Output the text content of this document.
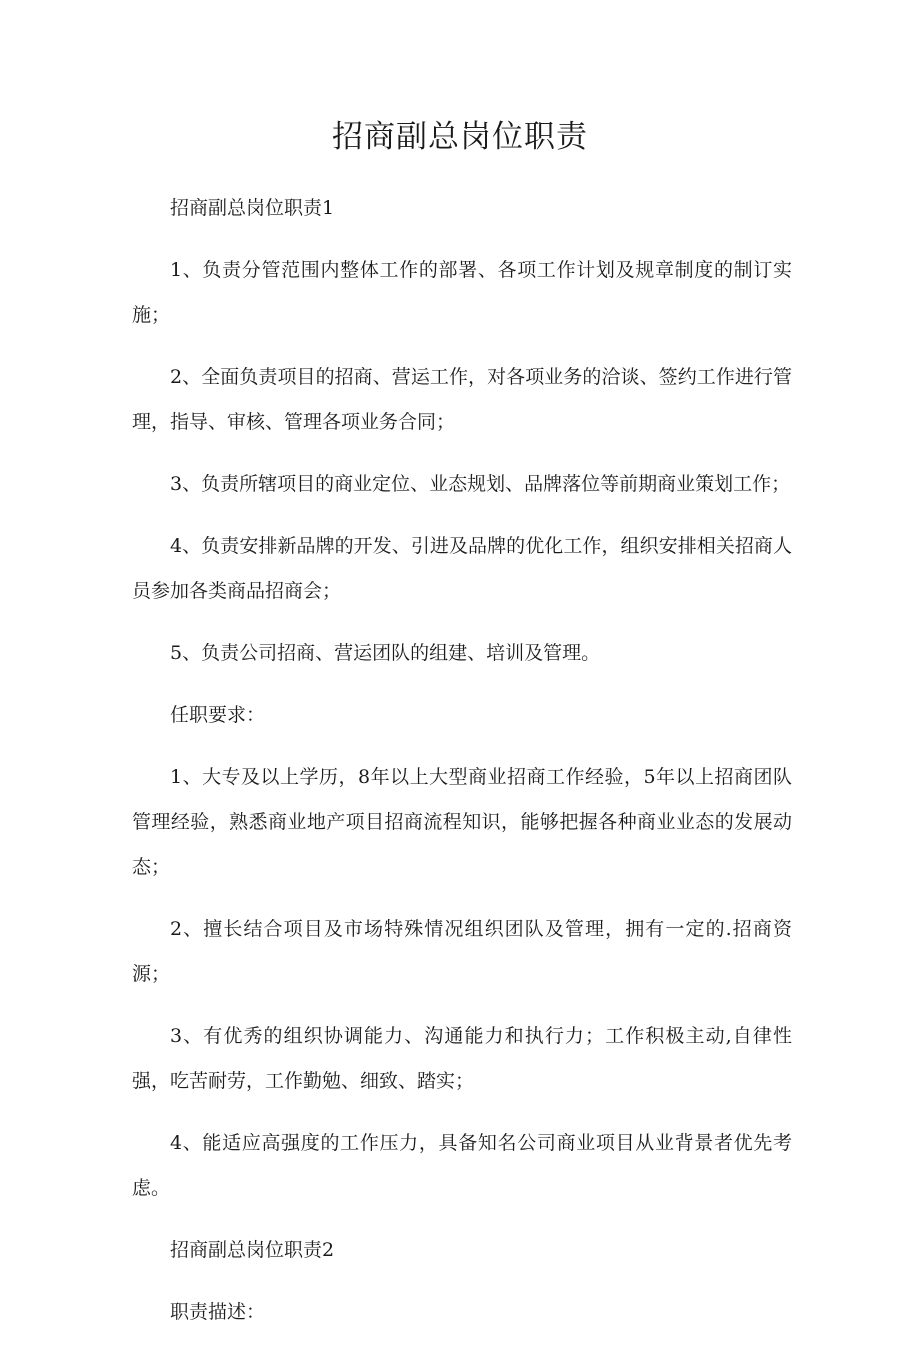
招商副总岗位职责

招商副总岗位职责1

1、负责分管范围内整体工作的部署、各项工作计划及规章制度的制订实施；

2、全面负责项目的招商、营运工作，对各项业务的洽谈、签约工作进行管理，指导、审核、管理各项业务合同；

3、负责所辖项目的商业定位、业态规划、品牌落位等前期商业策划工作；

4、负责安排新品牌的开发、引进及品牌的优化工作，组织安排相关招商人员参加各类商品招商会；

5、负责公司招商、营运团队的组建、培训及管理。

任职要求：

1、大专及以上学历，8年以上大型商业招商工作经验，5年以上招商团队管理经验，熟悉商业地产项目招商流程知识，能够把握各种商业业态的发展动态；

2、擅长结合项目及市场特殊情况组织团队及管理，拥有一定的.招商资源；

3、有优秀的组织协调能力、沟通能力和执行力；工作积极主动,自律性强，吃苦耐劳，工作勤勉、细致、踏实；

4、能适应高强度的工作压力，具备知名公司商业项目从业背景者优先考虑。

招商副总岗位职责2

职责描述：
